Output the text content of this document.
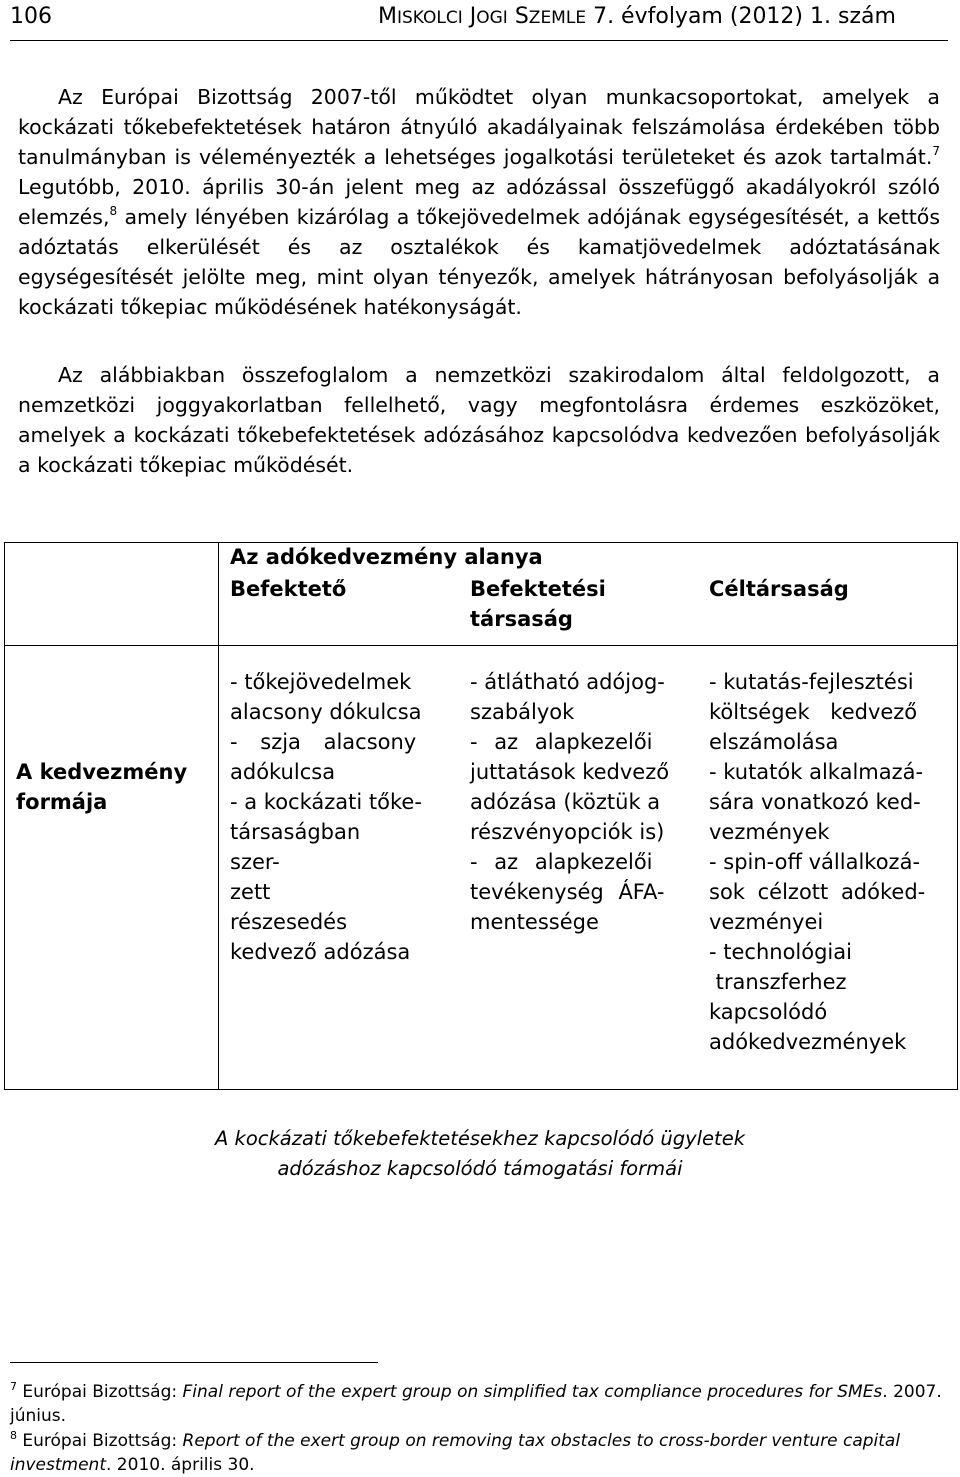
106	MISKOLCI JOGI SZEMLE 7. évfolyam (2012) 1. szám

Az Európai Bizottság 2007-től működtet olyan munkacsoportokat, amelyek a kockázati tőkebefektetések határon átnyúló akadályainak felszámolása érdekében több tanulmányban is véleményezték a lehetséges jogalkotási területeket és azok tartalmát.$^7$ Legutóbb, 2010. április 30-án jelent meg az adózással összefüggő akadályokról szóló elemzés,$^8$ amely lényében kizárólag a tőkejövedelmek adójának egységesítését, a kettős adóztatás elkerülését és az osztalékok és kamatjövedelmek adóztatásának egységesítését jelölte meg, mint olyan tényezők, amelyek hátrányosan befolyásolják a kockázati tőkepiac működésének hatékonyságát.

Az alábbiakban összefoglalom a nemzetközi szakirodalom által feldolgozott, a nemzetközi joggyakorlatban fellelhető, vagy megfontolásra érdemes eszközöket, amelyek a kockázati tőkebefektetések adózásához kapcsolódva kedvezően befolyásolják a kockázati tőkepiac működését.

Az adókedvezmény alanya
Befektető	Befektetési
társaság
Céltársaság
A kedvezmény
formája
- tőkejövedelmek
alacsony dókulcsa
- szja alacsony
adókulcsa
- a kockázati tőke-
társaságban szer-
zett részesedés
kedvező adózása
- átlátható adójog-
szabályok
- az alapkezelői
juttatások kedvező
adózása (köztük a
részvényopciók is)
- az alapkezelői
tevékenység ÁFA-
mentessége
- kutatás-fejlesztési
költségek kedvező
elszámolása
- kutatók alkalmazá-
sára vonatkozó ked-
vezmények
- spin-off vállalkozá-
sok célzott adóked-
vezményei
- technológiai
transzferhez
kapcsolódó
adókedvezmények
A kockázati tőkebefektetésekhez kapcsolódó ügyletek
adózáshoz kapcsolódó támogatási formái
$^7$ Európai Bizottság: Final report of the expert group on simplified tax compliance procedures for SMEs. 2007. június.
$^8$ Európai Bizottság: Report of the exert group on removing tax obstacles to cross-border venture capital investment. 2010. április 30.
